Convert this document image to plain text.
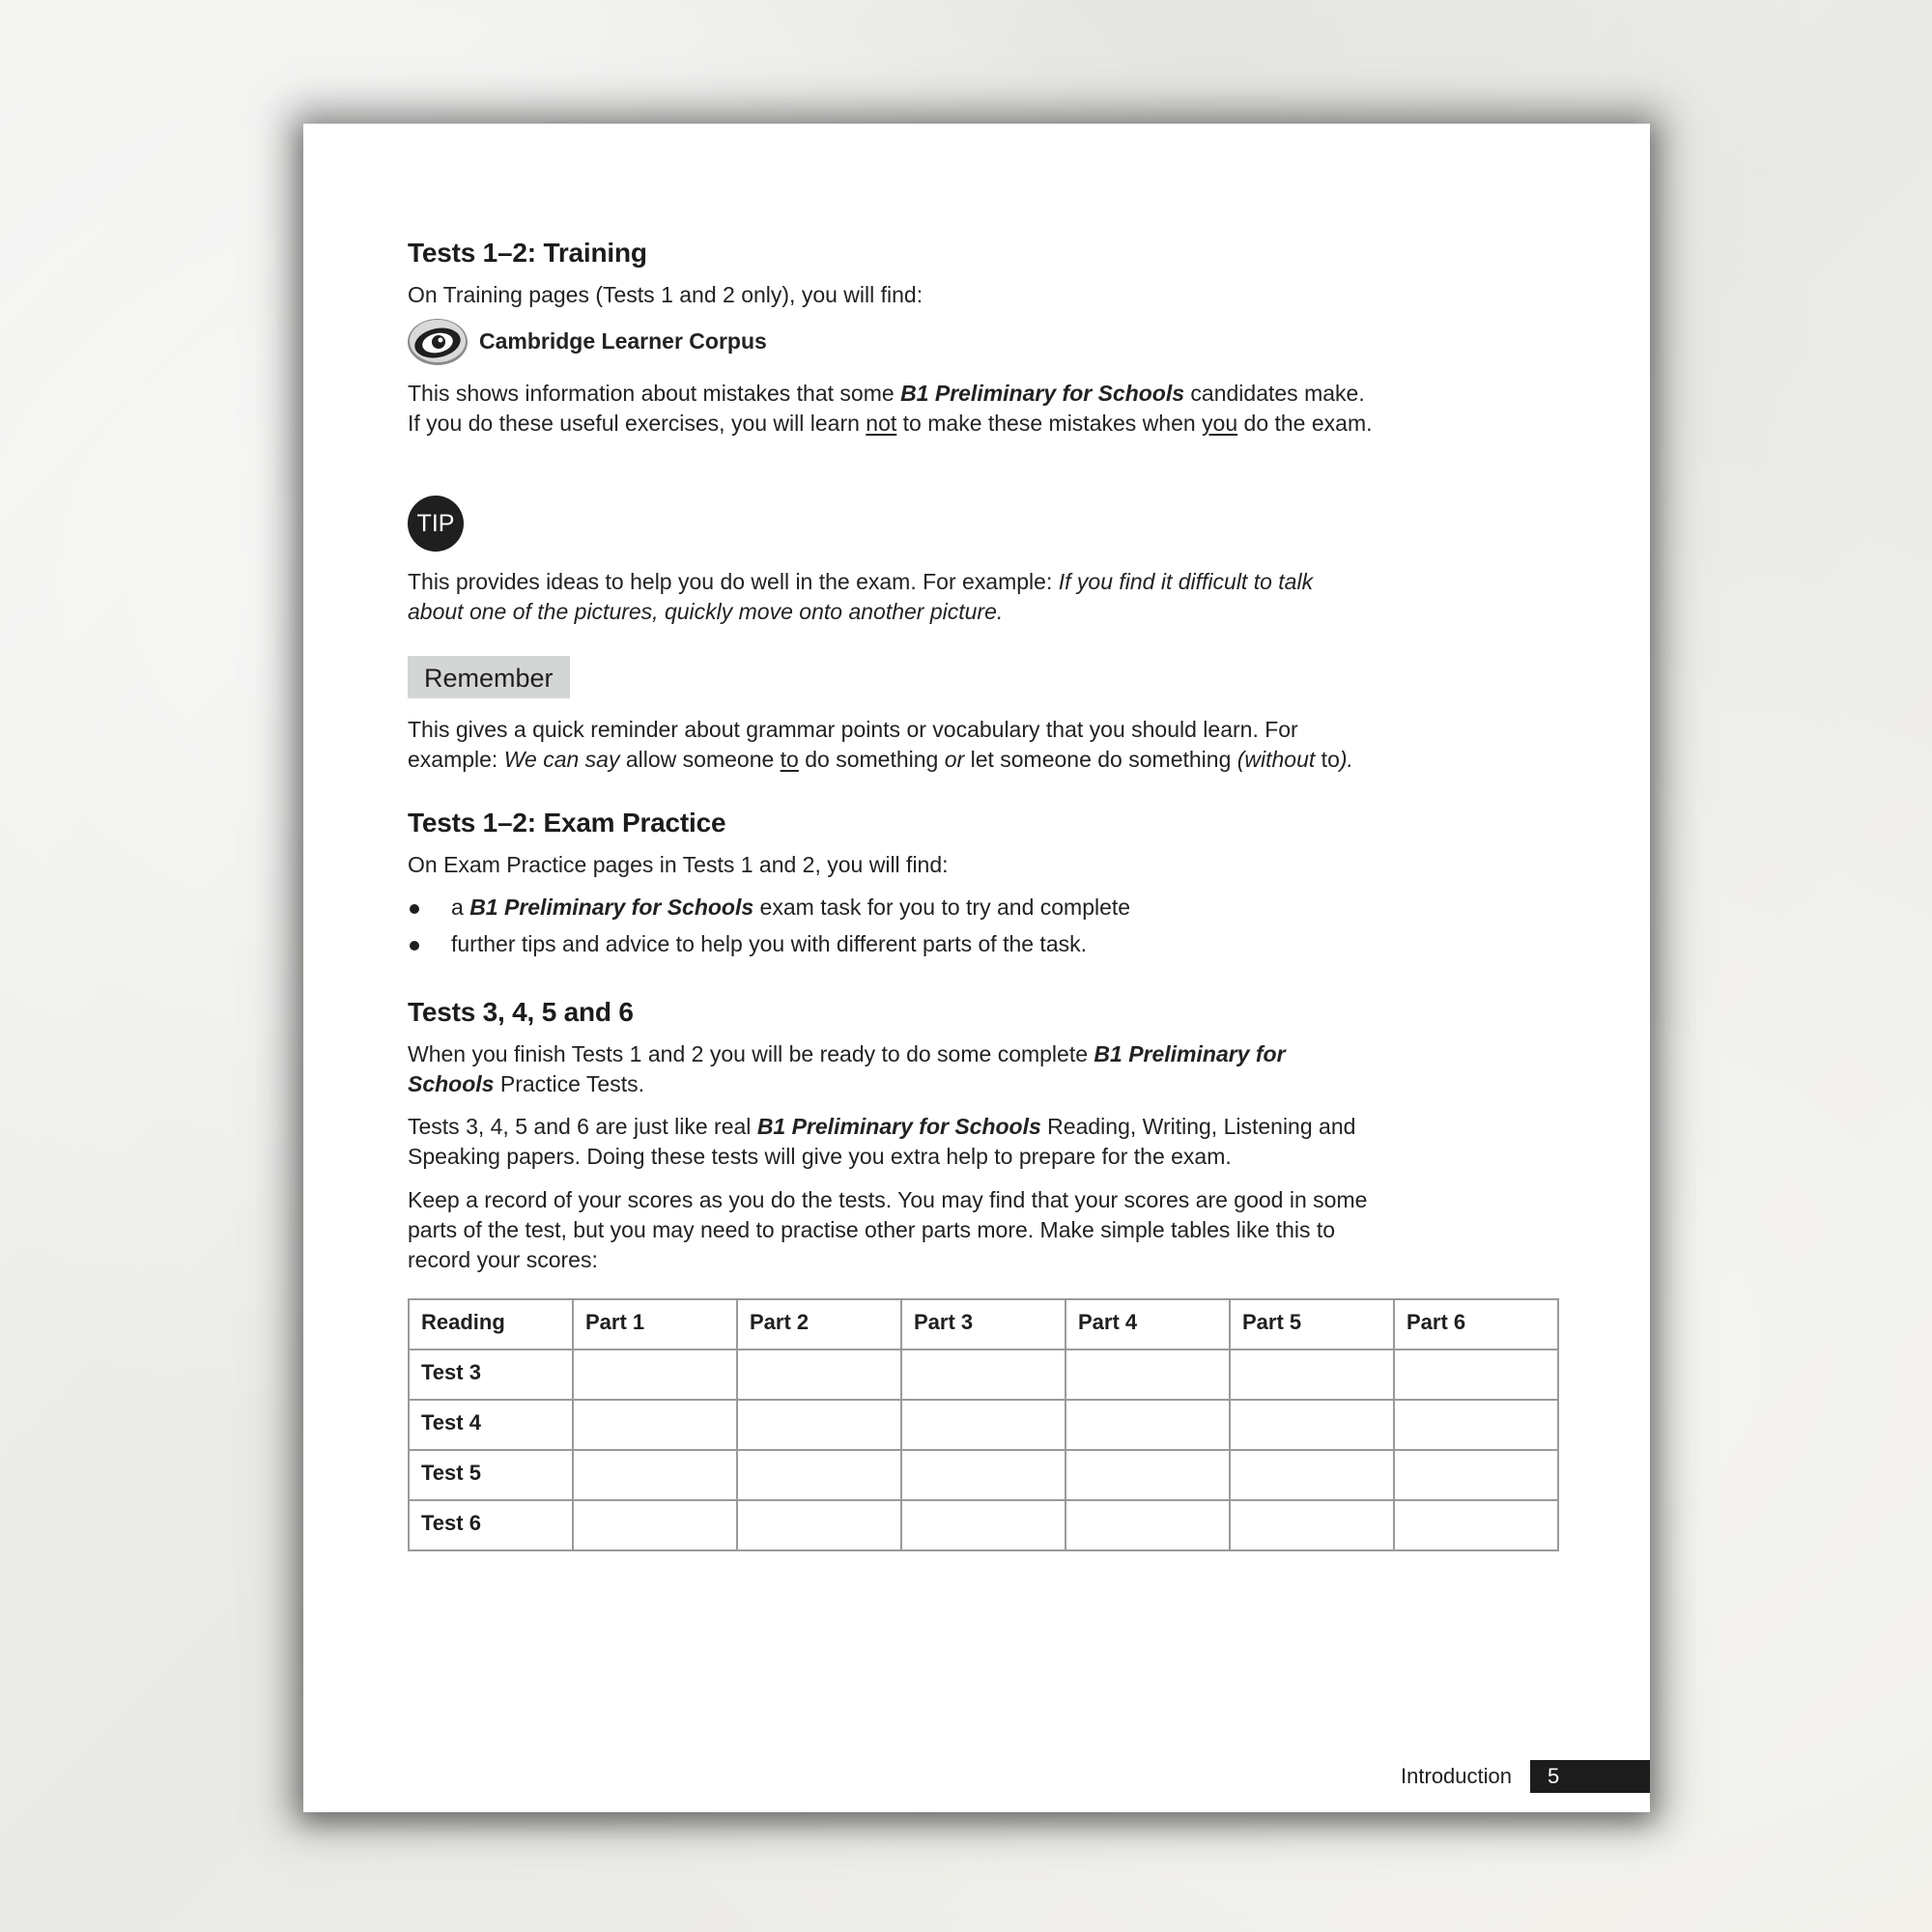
Tests 1–2: Training

On Training pages (Tests 1 and 2 only), you will find:

Cambridge Learner Corpus

This shows information about mistakes that some B1 Preliminary for Schools candidates make. If you do these useful exercises, you will learn not to make these mistakes when you do the exam.

TIP

This provides ideas to help you do well in the exam. For example: If you find it difficult to talk about one of the pictures, quickly move onto another picture.

Remember

This gives a quick reminder about grammar points or vocabulary that you should learn. For example: We can say allow someone to do something or let someone do something (without to).

Tests 1–2: Exam Practice

On Exam Practice pages in Tests 1 and 2, you will find:

a B1 Preliminary for Schools exam task for you to try and complete
further tips and advice to help you with different parts of the task.
Tests 3, 4, 5 and 6

When you finish Tests 1 and 2 you will be ready to do some complete B1 Preliminary for Schools Practice Tests.

Tests 3, 4, 5 and 6 are just like real B1 Preliminary for Schools Reading, Writing, Listening and Speaking papers. Doing these tests will give you extra help to prepare for the exam.

Keep a record of your scores as you do the tests. You may find that your scores are good in some parts of the test, but you may need to practise other parts more. Make simple tables like this to record your scores:

Reading	Part 1	Part 2	Part 3	Part 4	Part 5	Part 6
Test 3						
Test 4						
Test 5						
Test 6						
Introduction	5
